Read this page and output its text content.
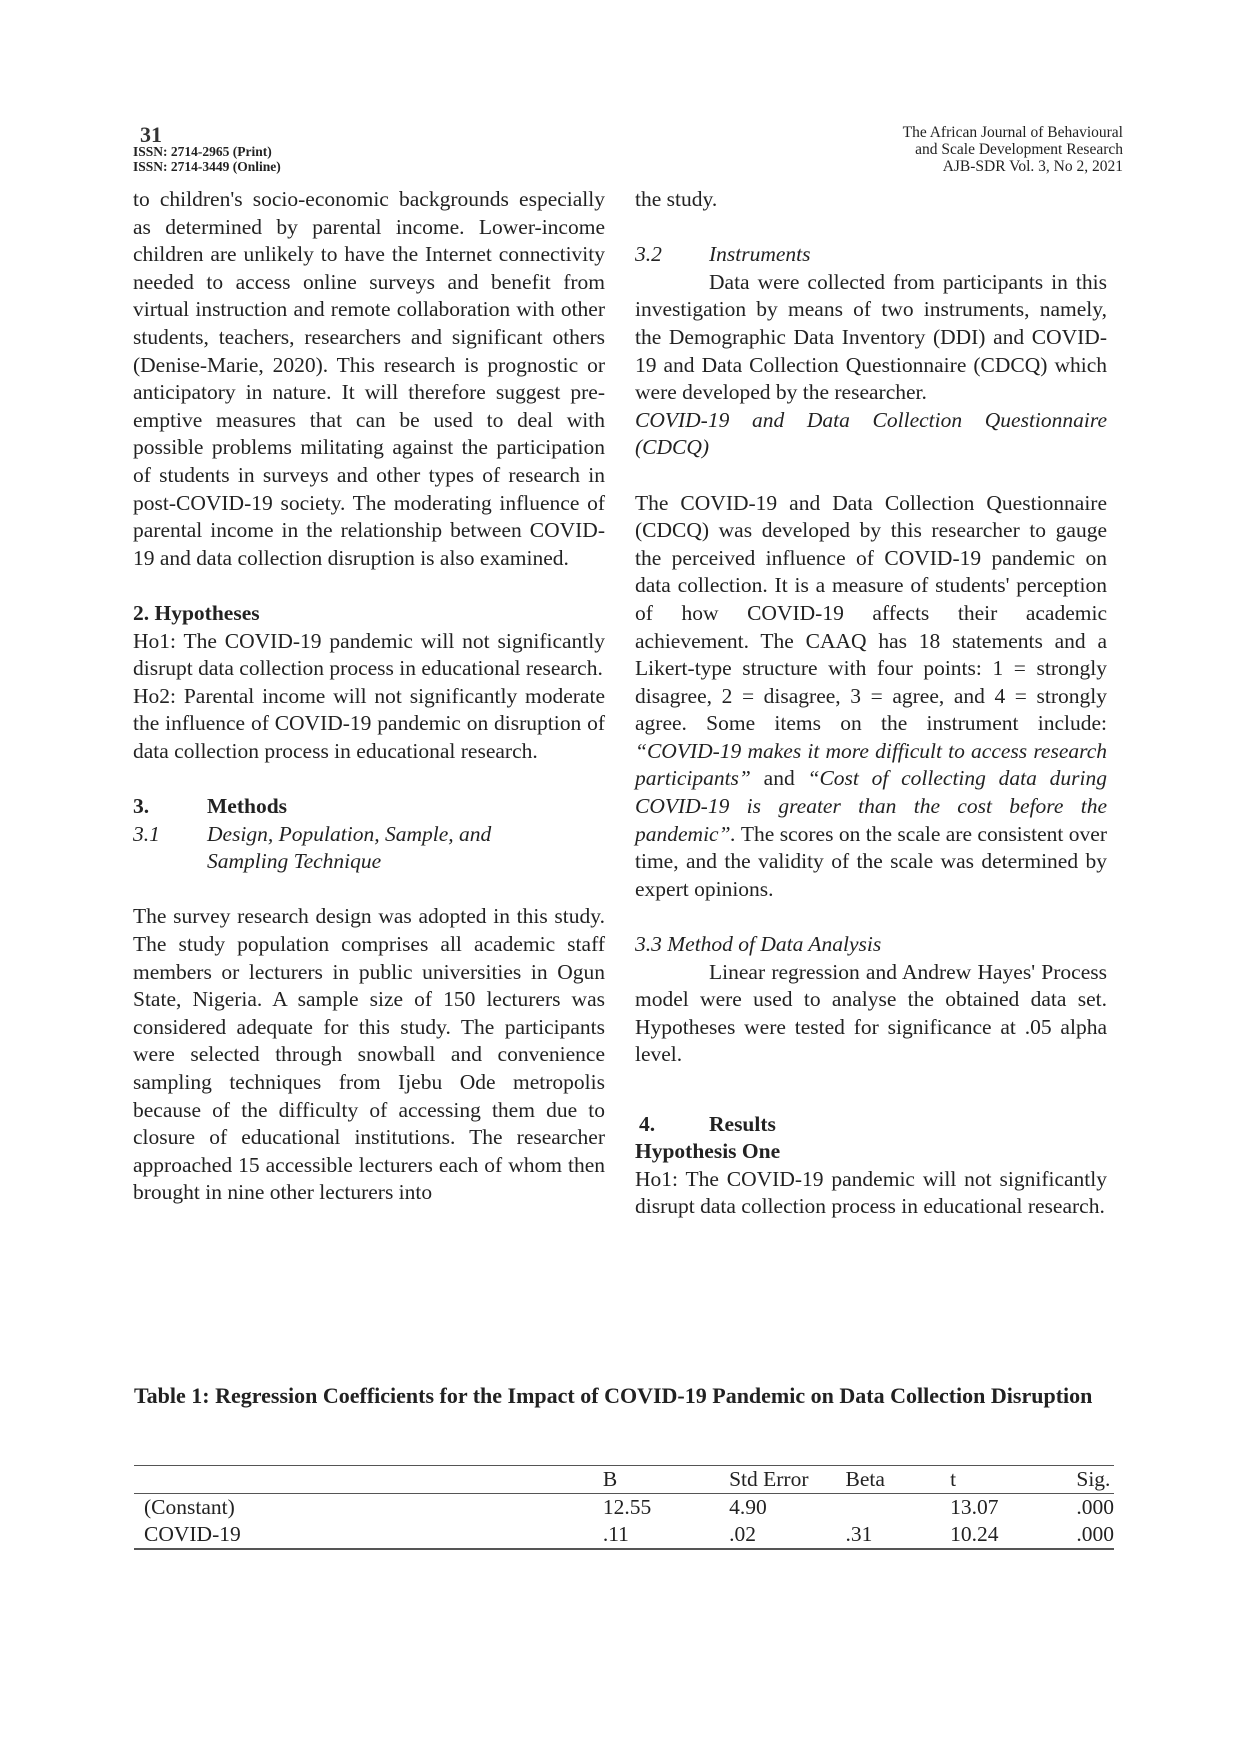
31
ISSN: 2714-2965 (Print)
ISSN: 2714-3449 (Online)
The African Journal of Behavioural
and Scale Development Research
AJB-SDR Vol. 3, No 2, 2021

to children's socio-economic backgrounds especially as determined by parental income. Lower-income children are unlikely to have the Internet connectivity needed to access online surveys and benefit from virtual instruction and remote collaboration with other students, teachers, researchers and significant others (Denise-Marie, 2020). This research is prognostic or anticipatory in nature. It will therefore suggest pre-emptive measures that can be used to deal with possible problems militating against the participation of students in surveys and other types of research in post-COVID-19 society. The moderating influence of parental income in the relationship between COVID-19 and data collection disruption is also examined.

2. Hypotheses

Ho1: The COVID-19 pandemic will not significantly disrupt data collection process in educational research.

Ho2: Parental income will not significantly moderate the influence of COVID-19 pandemic on disruption of data collection process in educational research.

3.	Methods
3.1	Design, Population, Sample, and
Sampling Technique

The survey research design was adopted in this study. The study population comprises all academic staff members or lecturers in public universities in Ogun State, Nigeria. A sample size of 150 lecturers was considered adequate for this study. The participants were selected through snowball and convenience sampling techniques from Ijebu Ode metropolis because of the difficulty of accessing them due to closure of educational institutions. The researcher approached 15 accessible lecturers each of whom then brought in nine other lecturers into

the study.

3.2	Instruments

Data were collected from participants in this investigation by means of two instruments, namely, the Demographic Data Inventory (DDI) and COVID-19 and Data Collection Questionnaire (CDCQ) which were developed by the researcher.

COVID-19 and Data Collection Questionnaire (CDCQ)

The COVID-19 and Data Collection Questionnaire (CDCQ) was developed by this researcher to gauge the perceived influence of COVID-19 pandemic on data collection. It is a measure of students' perception of how COVID-19 affects their academic achievement. The CAAQ has 18 statements and a Likert-type structure with four points: 1 = strongly disagree, 2 = disagree, 3 = agree, and 4 = strongly agree. Some items on the instrument include: “COVID-19 makes it more difficult to access research participants” and “Cost of collecting data during COVID-19 is greater than the cost before the pandemic”. The scores on the scale are consistent over time, and the validity of the scale was determined by expert opinions.

3.3 Method of Data Analysis

Linear regression and Andrew Hayes' Process model were used to analyse the obtained data set. Hypotheses were tested for significance at .05 alpha level.

4.	Results

Hypothesis One

Ho1: The COVID-19 pandemic will not significantly disrupt data collection process in educational research.

Table 1: Regression Coefficients for the Impact of COVID-19 Pandemic on Data Collection Disruption
	B	Std Error	Beta	t	Sig.
(Constant)	12.55	4.90		13.07	.000
COVID-19	.11	.02	.31	10.24	.000
